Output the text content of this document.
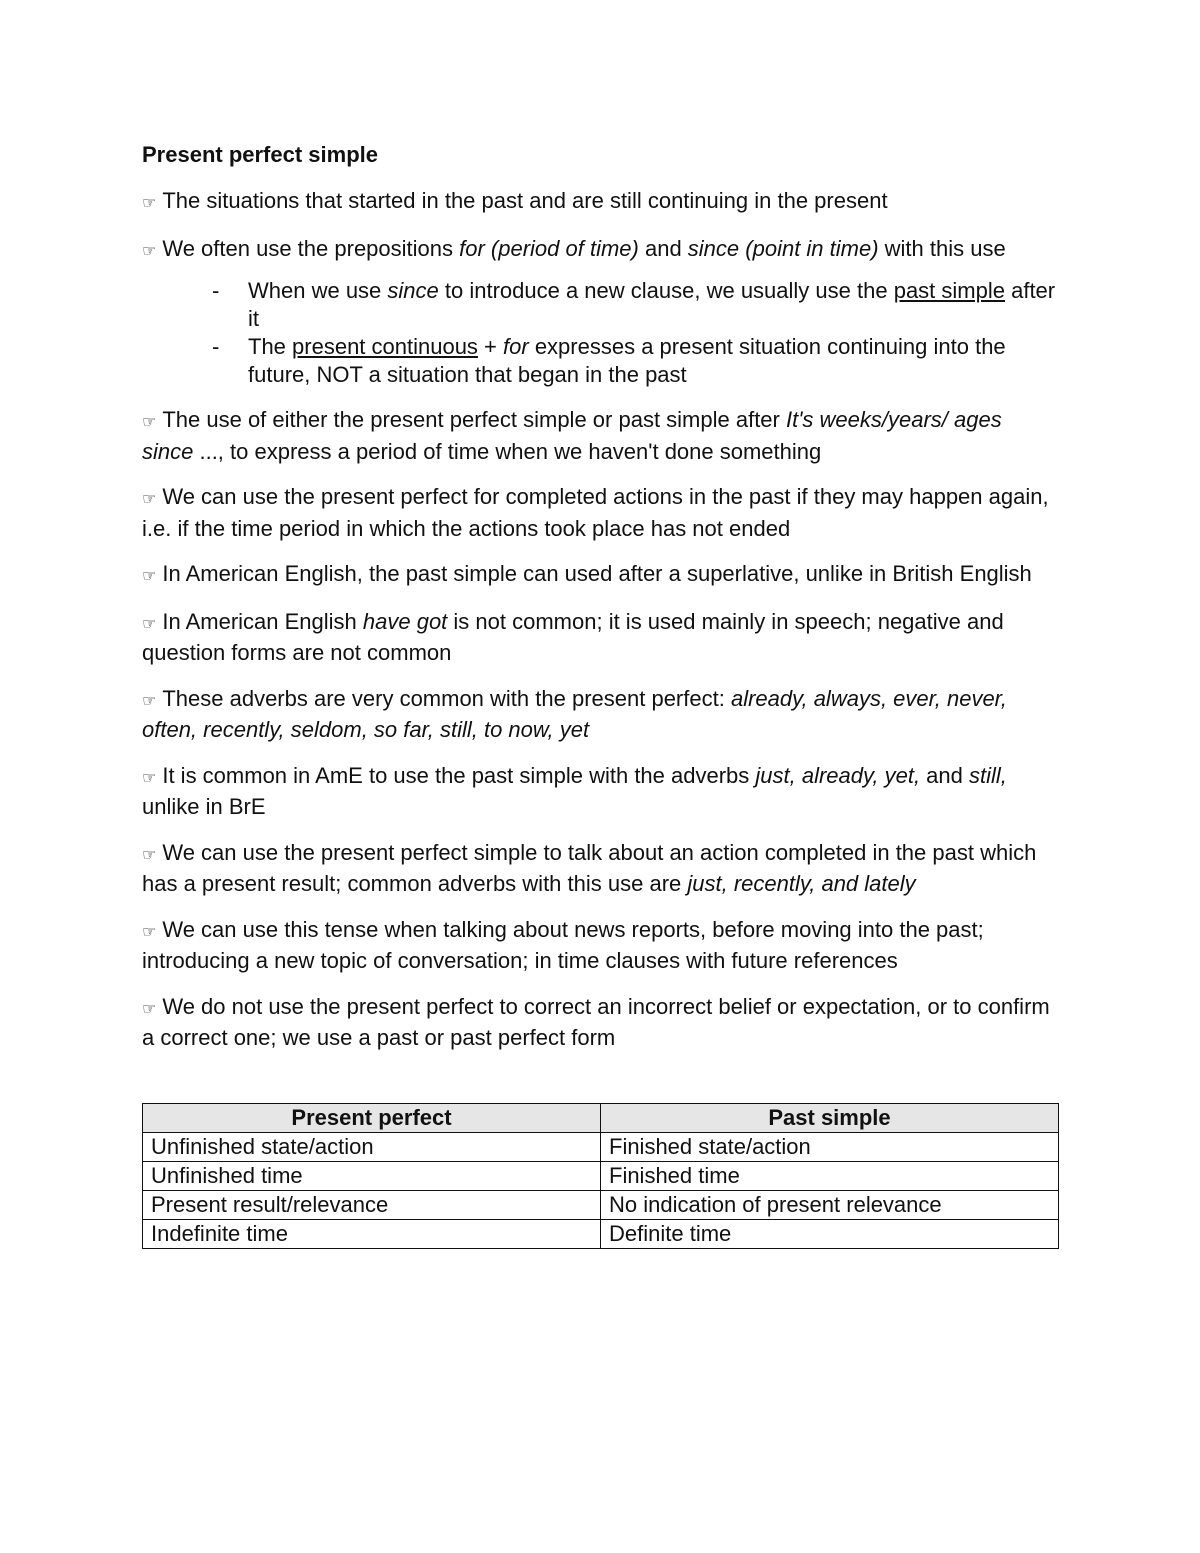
Present perfect simple
☞ The situations that started in the past and are still continuing in the present
☞ We often use the prepositions for (period of time) and since (point in time) with this use
- When we use since to introduce a new clause, we usually use the past simple after it
- The present continuous + for expresses a present situation continuing into the future, NOT a situation that began in the past
☞ The use of either the present perfect simple or past simple after It's weeks/years/ ages since ..., to express a period of time when we haven't done something
☞ We can use the present perfect for completed actions in the past if they may happen again, i.e. if the time period in which the actions took place has not ended
☞ In American English, the past simple can used after a superlative, unlike in British English
☞ In American English have got is not common; it is used mainly in speech; negative and question forms are not common
☞ These adverbs are very common with the present perfect: already, always, ever, never, often, recently, seldom, so far, still, to now, yet
☞ It is common in AmE to use the past simple with the adverbs just, already, yet, and still, unlike in BrE
☞ We can use the present perfect simple to talk about an action completed in the past which has a present result; common adverbs with this use are just, recently, and lately
☞ We can use this tense when talking about news reports, before moving into the past; introducing a new topic of conversation; in time clauses with future references
☞ We do not use the present perfect to correct an incorrect belief or expectation, or to confirm a correct one; we use a past or past perfect form
Present perfect	Past simple
Unfinished state/action	Finished state/action
Unfinished time	Finished time
Present result/relevance	No indication of present relevance
Indefinite time	Definite time
